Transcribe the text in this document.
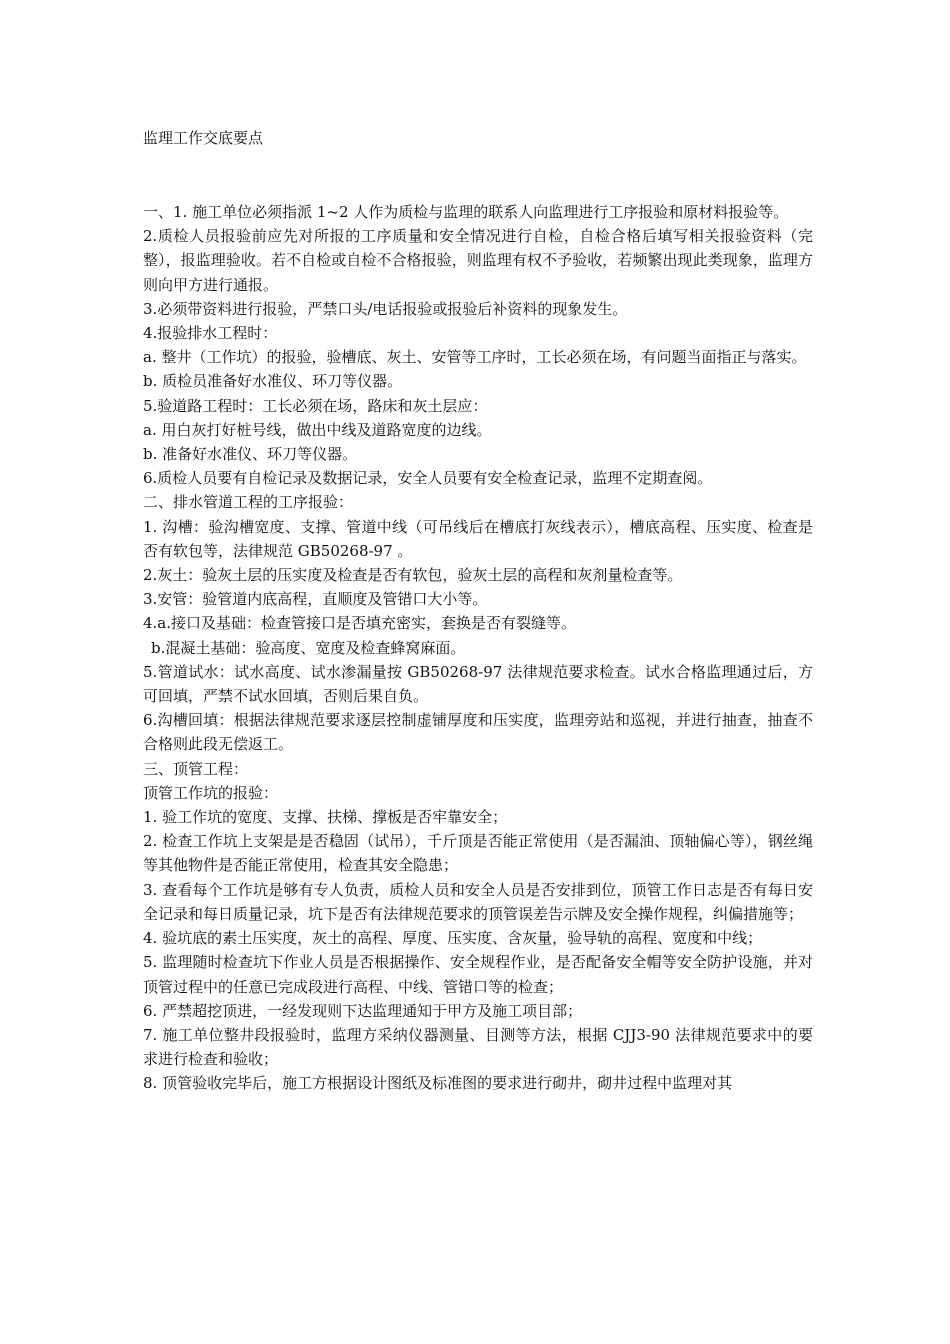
监理工作交底要点

一、1. 施工单位必须指派 1~2 人作为质检与监理的联系人向监理进行工序报验和原材料报验等。

2.质检人员报验前应先对所报的工序质量和安全情况进行自检，自检合格后填写相关报验资料（完整），报监理验收。若不自检或自检不合格报验，则监理有权不予验收，若频繁出现此类现象，监理方则向甲方进行通报。

3.必须带资料进行报验，严禁口头/电话报验或报验后补资料的现象发生。

4.报验排水工程时：

a. 整井（工作坑）的报验，验槽底、灰土、安管等工序时，工长必须在场，有问题当面指正与落实。

b. 质检员准备好水准仪、环刀等仪器。

5.验道路工程时：工长必须在场，路床和灰土层应：

a. 用白灰打好桩号线，做出中线及道路宽度的边线。

b. 准备好水准仪、环刀等仪器。

6.质检人员要有自检记录及数据记录，安全人员要有安全检查记录，监理不定期查阅。

二、排水管道工程的工序报验：

1. 沟槽：验沟槽宽度、支撑、管道中线（可吊线后在槽底打灰线表示），槽底高程、压实度、检查是否有软包等，法律规范 GB50268-97 。

2.灰土：验灰土层的压实度及检查是否有软包，验灰土层的高程和灰剂量检查等。

3.安管：验管道内底高程，直顺度及管错口大小等。

4.a.接口及基础：检查管接口是否填充密实，套换是否有裂缝等。

b.混凝土基础：验高度、宽度及检查蜂窝麻面。

5.管道试水：试水高度、试水渗漏量按 GB50268-97 法律规范要求检查。试水合格监理通过后，方可回填，严禁不试水回填，否则后果自负。

6.沟槽回填：根据法律规范要求逐层控制虚铺厚度和压实度，监理旁站和巡视，并进行抽查，抽查不合格则此段无偿返工。

三、顶管工程：

顶管工作坑的报验：

1. 验工作坑的宽度、支撑、扶梯、撑板是否牢靠安全；

2. 检查工作坑上支架是是否稳固（试吊），千斤顶是否能正常使用（是否漏油、顶轴偏心等），钢丝绳等其他物件是否能正常使用，检查其安全隐患；

3. 查看每个工作坑是够有专人负责，质检人员和安全人员是否安排到位，顶管工作日志是否有每日安全记录和每日质量记录，坑下是否有法律规范要求的顶管误差告示牌及安全操作规程，纠偏措施等；

4. 验坑底的素土压实度，灰土的高程、厚度、压实度、含灰量，验导轨的高程、宽度和中线；

5. 监理随时检查坑下作业人员是否根据操作、安全规程作业，是否配备安全帽等安全防护设施，并对顶管过程中的任意已完成段进行高程、中线、管错口等的检查；

6. 严禁超挖顶进，一经发现则下达监理通知于甲方及施工项目部；

7. 施工单位整井段报验时，监理方采纳仪器测量、目测等方法，根据 CJJ3-90 法律规范要求中的要求进行检查和验收；

8. 顶管验收完毕后，施工方根据设计图纸及标准图的要求进行砌井，砌井过程中监理对其
